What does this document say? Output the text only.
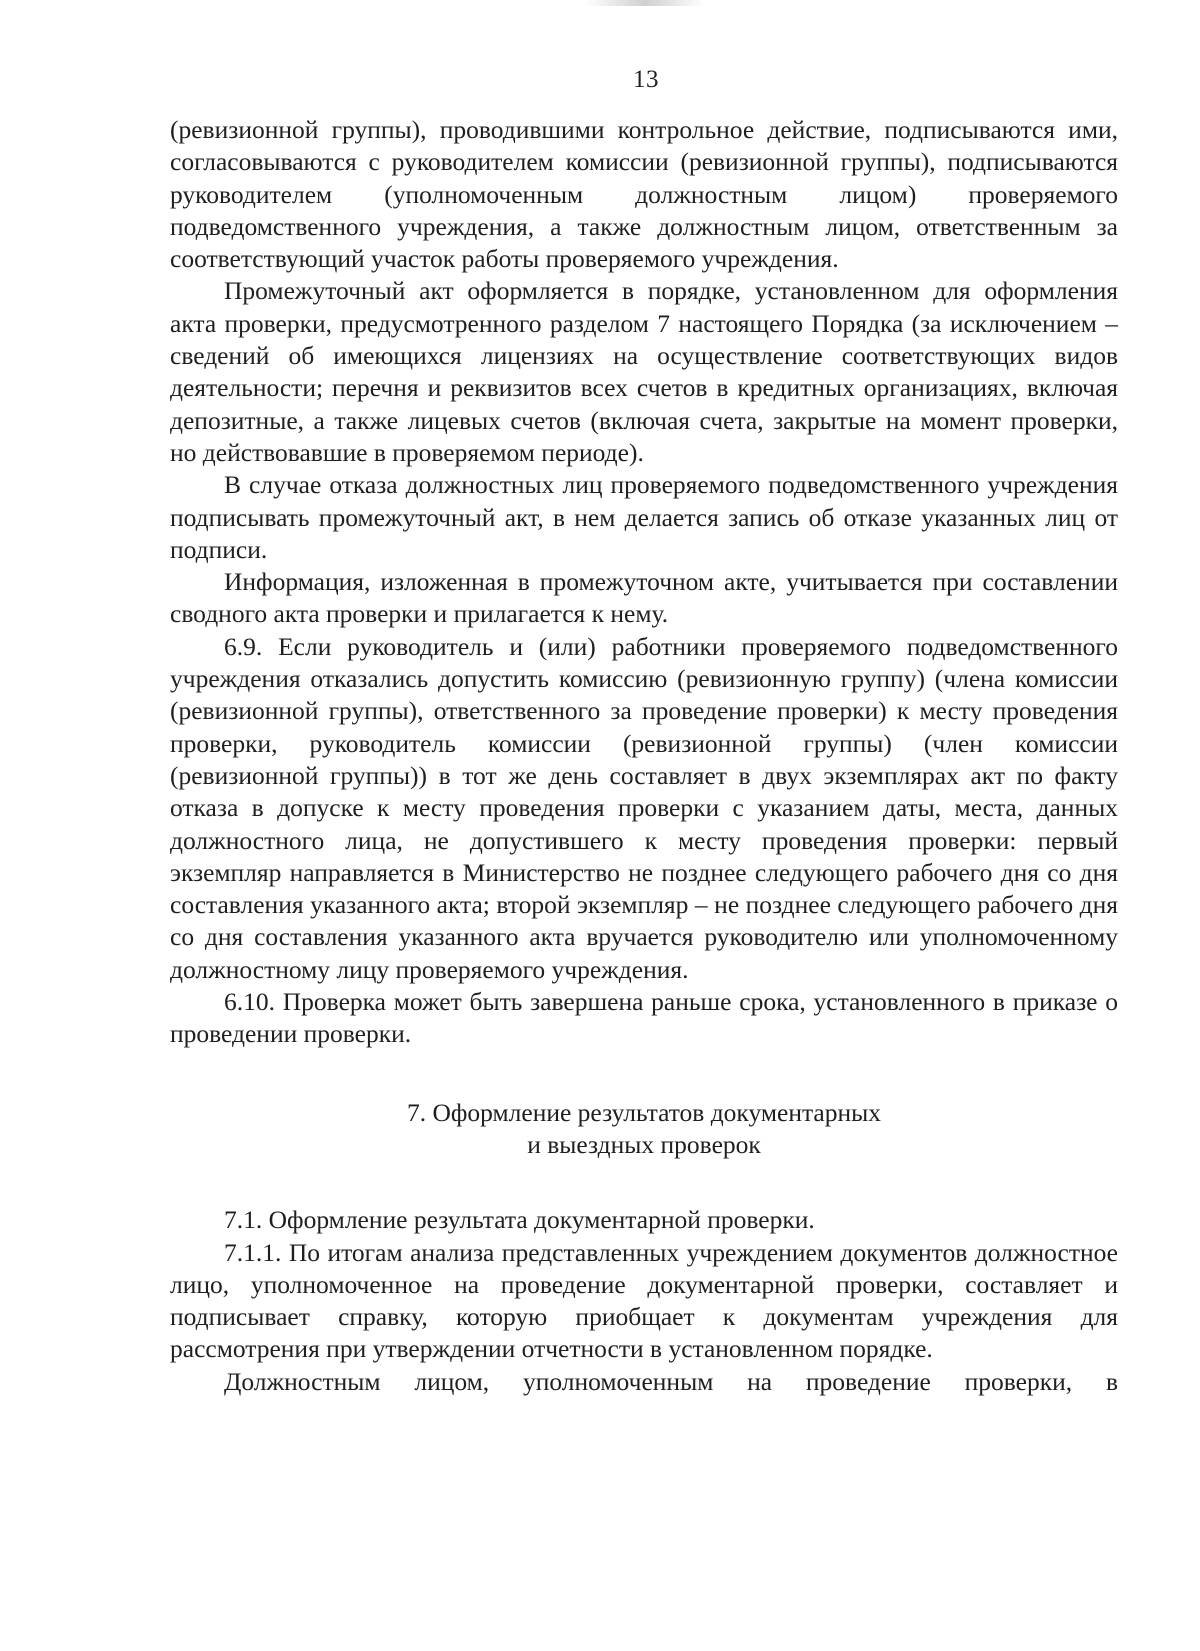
13

(ревизионной группы), проводившими контрольное действие, подписываются ими, согласовываются с руководителем комиссии (ревизионной группы), подписываются руководителем (уполномоченным должностным лицом) проверяемого подведомственного учреждения, а также должностным лицом, ответственным за соответствующий участок работы проверяемого учреждения.

Промежуточный акт оформляется в порядке, установленном для оформления акта проверки, предусмотренного разделом 7 настоящего Порядка (за исключением – сведений об имеющихся лицензиях на осуществление соответствующих видов деятельности; перечня и реквизитов всех счетов в кредитных организациях, включая депозитные, а также лицевых счетов (включая счета, закрытые на момент проверки, но действовавшие в проверяемом периоде).

В случае отказа должностных лиц проверяемого подведомственного учреждения подписывать промежуточный акт, в нем делается запись об отказе указанных лиц от подписи.

Информация, изложенная в промежуточном акте, учитывается при составлении сводного акта проверки и прилагается к нему.

6.9. Если руководитель и (или) работники проверяемого подведомственного учреждения отказались допустить комиссию (ревизионную группу) (члена комиссии (ревизионной группы), ответственного за проведение проверки) к месту проведения проверки, руководитель комиссии (ревизионной группы) (член комиссии (ревизионной группы)) в тот же день составляет в двух экземплярах акт по факту отказа в допуске к месту проведения проверки с указанием даты, места, данных должностного лица, не допустившего к месту проведения проверки: первый экземпляр направляется в Министерство не позднее следующего рабочего дня со дня составления указанного акта; второй экземпляр – не позднее следующего рабочего дня со дня составления указанного акта вручается руководителю или уполномоченному должностному лицу проверяемого учреждения.

6.10. Проверка может быть завершена раньше срока, установленного в приказе о проведении проверки.

7. Оформление результатов документарных
и выездных проверок

7.1. Оформление результата документарной проверки.

7.1.1. По итогам анализа представленных учреждением документов должностное лицо, уполномоченное на проведение документарной проверки, составляет и подписывает справку, которую приобщает к документам учреждения для рассмотрения при утверждении отчетности в установленном порядке.

Должностным лицом, уполномоченным на проведение проверки, в
